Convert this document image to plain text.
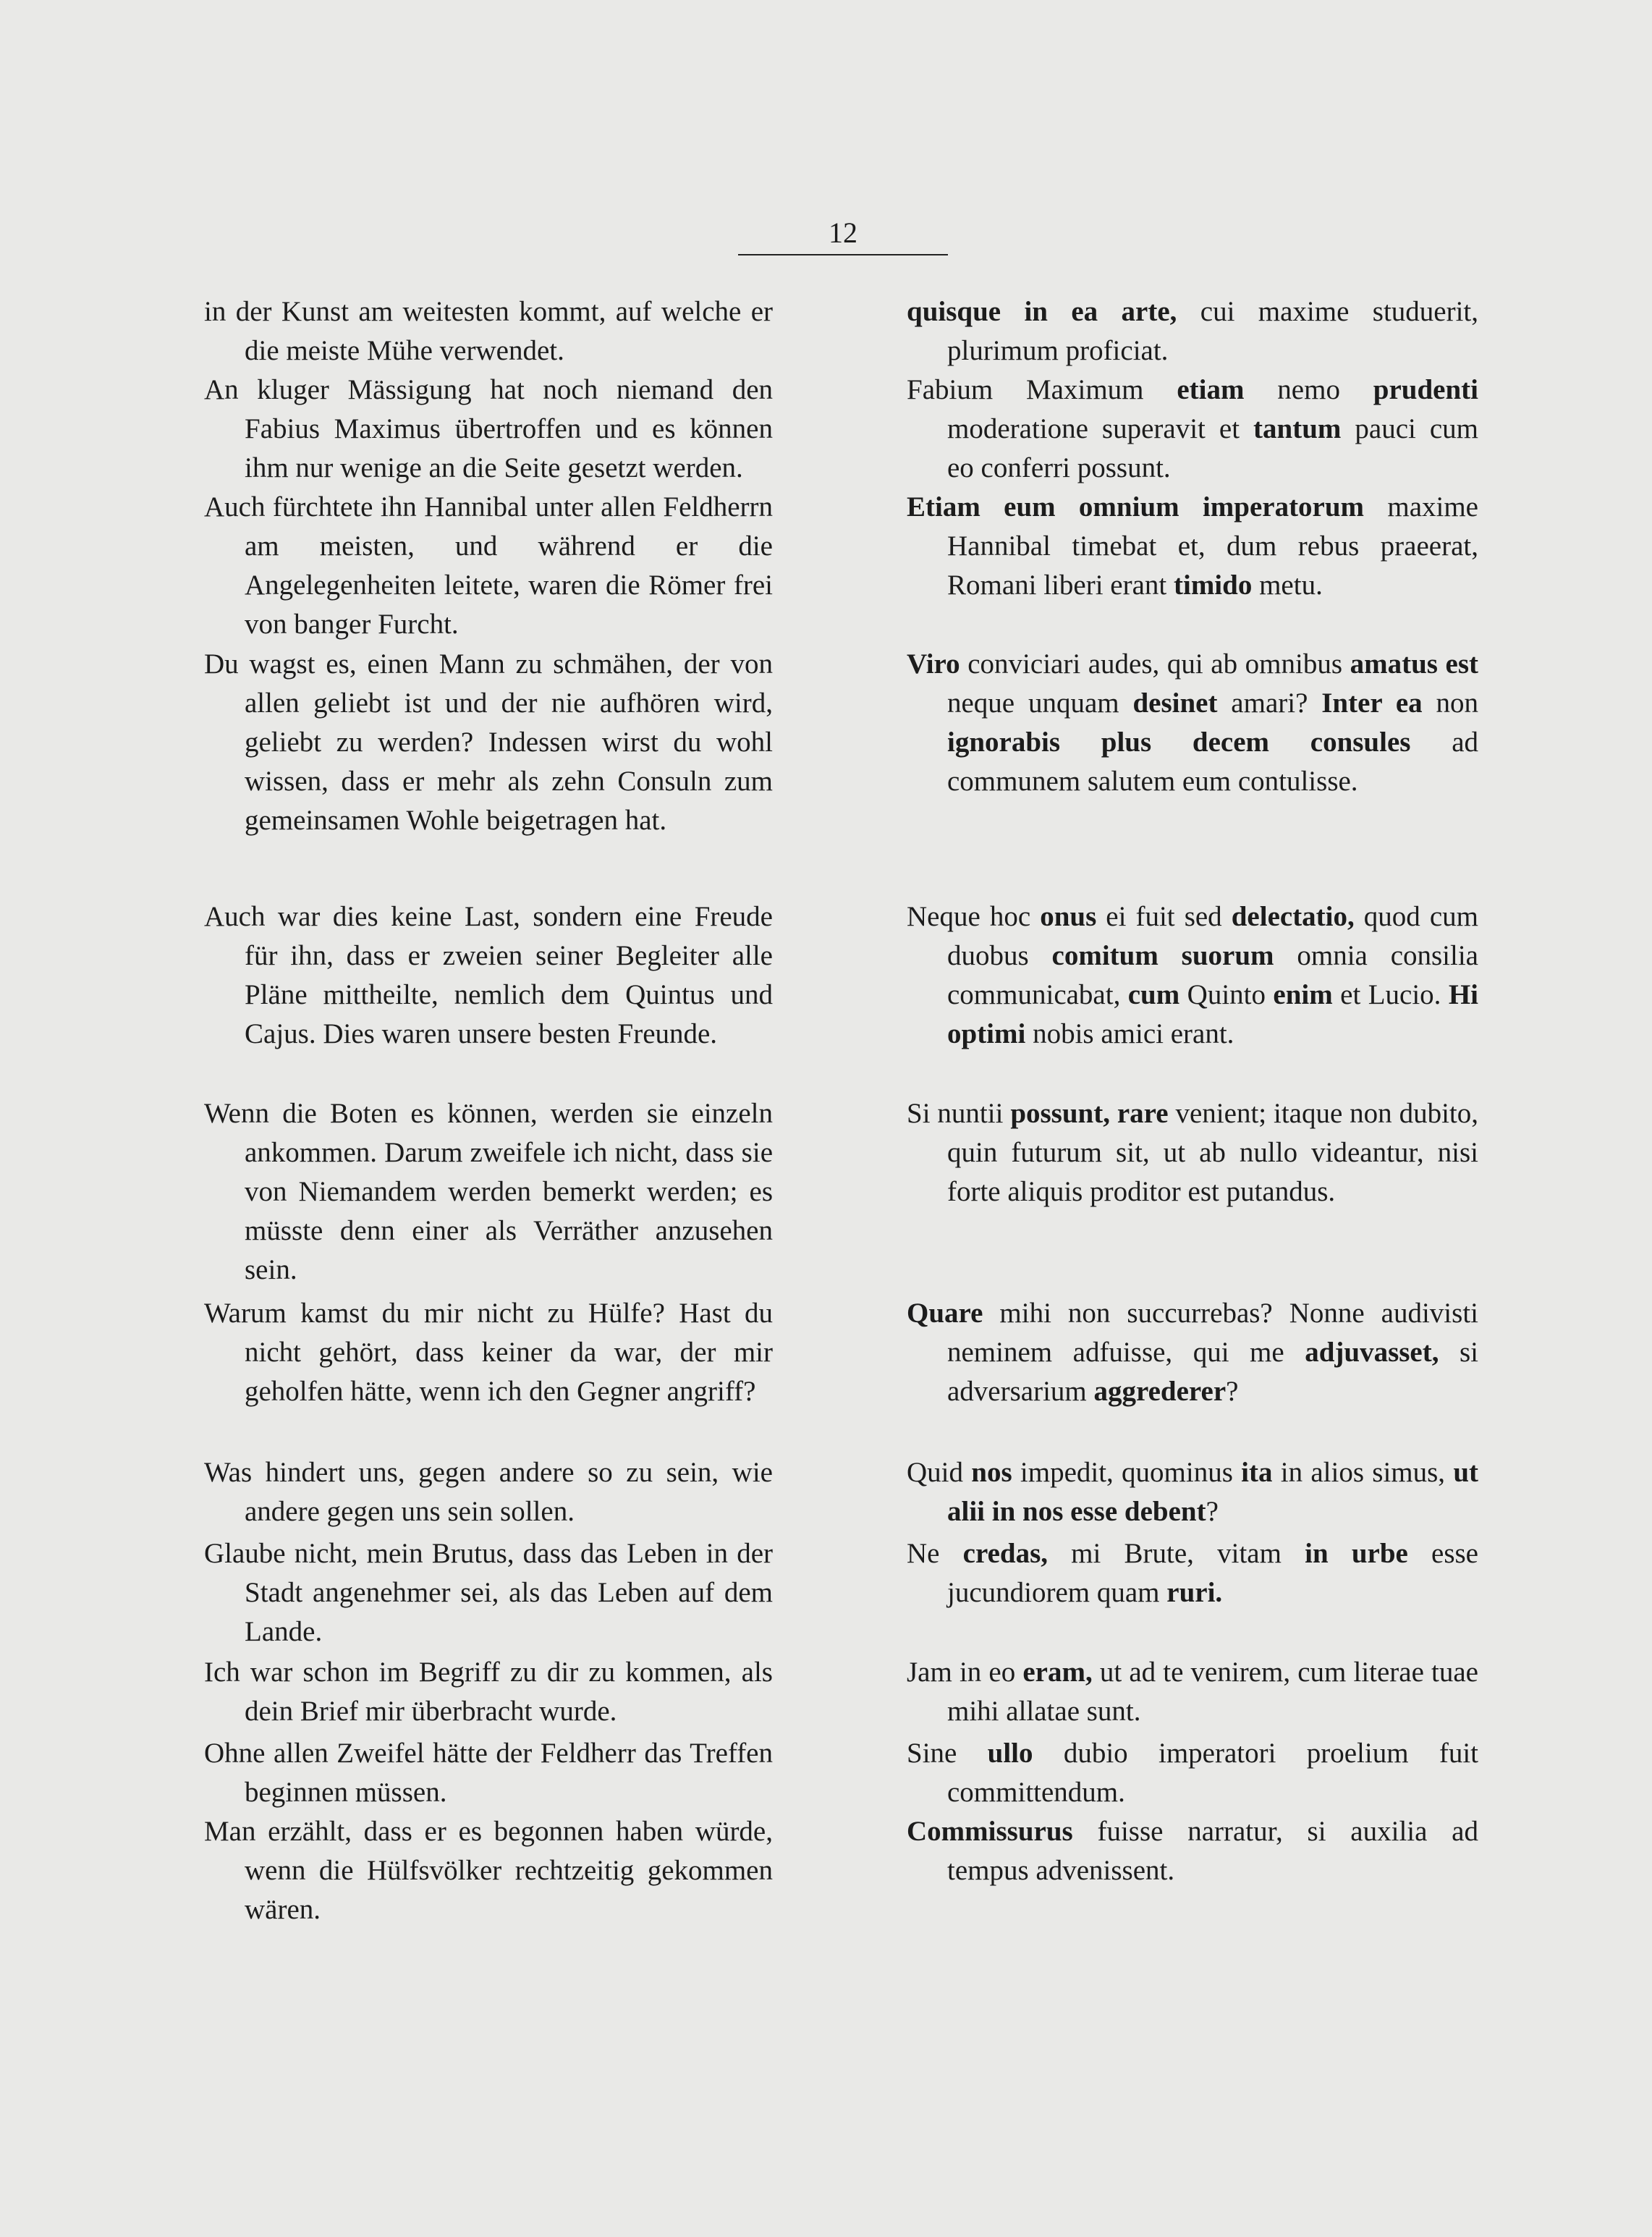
12

in der Kunst am weitesten kommt, auf welche er die meiste Mühe verwendet.

An kluger Mässigung hat noch niemand den Fabius Maximus übertroffen und es können ihm nur wenige an die Seite gesetzt werden.

Auch fürchtete ihn Hannibal unter allen Feldherrn am meisten, und während er die Angelegenheiten leitete, waren die Römer frei von banger Furcht.

Du wagst es, einen Mann zu schmähen, der von allen geliebt ist und der nie aufhören wird, geliebt zu werden? Indessen wirst du wohl wissen, dass er mehr als zehn Consuln zum gemeinsamen Wohle beigetragen hat.

Auch war dies keine Last, sondern eine Freude für ihn, dass er zweien seiner Begleiter alle Pläne mittheilte, nemlich dem Quintus und Cajus. Dies waren unsere besten Freunde.

Wenn die Boten es können, werden sie einzeln ankommen. Darum zweifele ich nicht, dass sie von Niemandem werden bemerkt werden; es müsste denn einer als Verräther anzusehen sein.

Warum kamst du mir nicht zu Hülfe? Hast du nicht gehört, dass keiner da war, der mir geholfen hätte, wenn ich den Gegner angriff?

Was hindert uns, gegen andere so zu sein, wie andere gegen uns sein sollen.

Glaube nicht, mein Brutus, dass das Leben in der Stadt angenehmer sei, als das Leben auf dem Lande.

Ich war schon im Begriff zu dir zu kommen, als dein Brief mir überbracht wurde.

Ohne allen Zweifel hätte der Feldherr das Treffen beginnen müssen.

Man erzählt, dass er es begonnen haben würde, wenn die Hülfsvölker rechtzeitig gekommen wären.

quisque in ea arte, cui maxime studuerit, plurimum proficiat.

Fabium Maximum etiam nemo prudenti moderatione superavit et tantum pauci cum eo conferri possunt.

Etiam eum omnium imperatorum maxime Hannibal timebat et, dum rebus praeerat, Romani liberi erant timido metu.

Viro conviciari audes, qui ab omnibus amatus est neque unquam desinet amari? Inter ea non ignorabis plus decem consules ad communem salutem eum contulisse.

Neque hoc onus ei fuit sed delectatio, quod cum duobus comitum suorum omnia consilia communicabat, cum Quinto enim et Lucio. Hi optimi nobis amici erant.

Si nuntii possunt, rare venient; itaque non dubito, quin futurum sit, ut ab nullo videantur, nisi forte aliquis proditor est putandus.

Quare mihi non succurrebas? Nonne audivisti neminem adfuisse, qui me adjuvasset, si adversarium aggrederer?

Quid nos impedit, quominus ita in alios simus, ut alii in nos esse debent?

Ne credas, mi Brute, vitam in urbe esse jucundiorem quam ruri.

Jam in eo eram, ut ad te venirem, cum literae tuae mihi allatae sunt.

Sine ullo dubio imperatori proelium fuit committendum.

Commissurus fuisse narratur, si auxilia ad tempus advenissent.
